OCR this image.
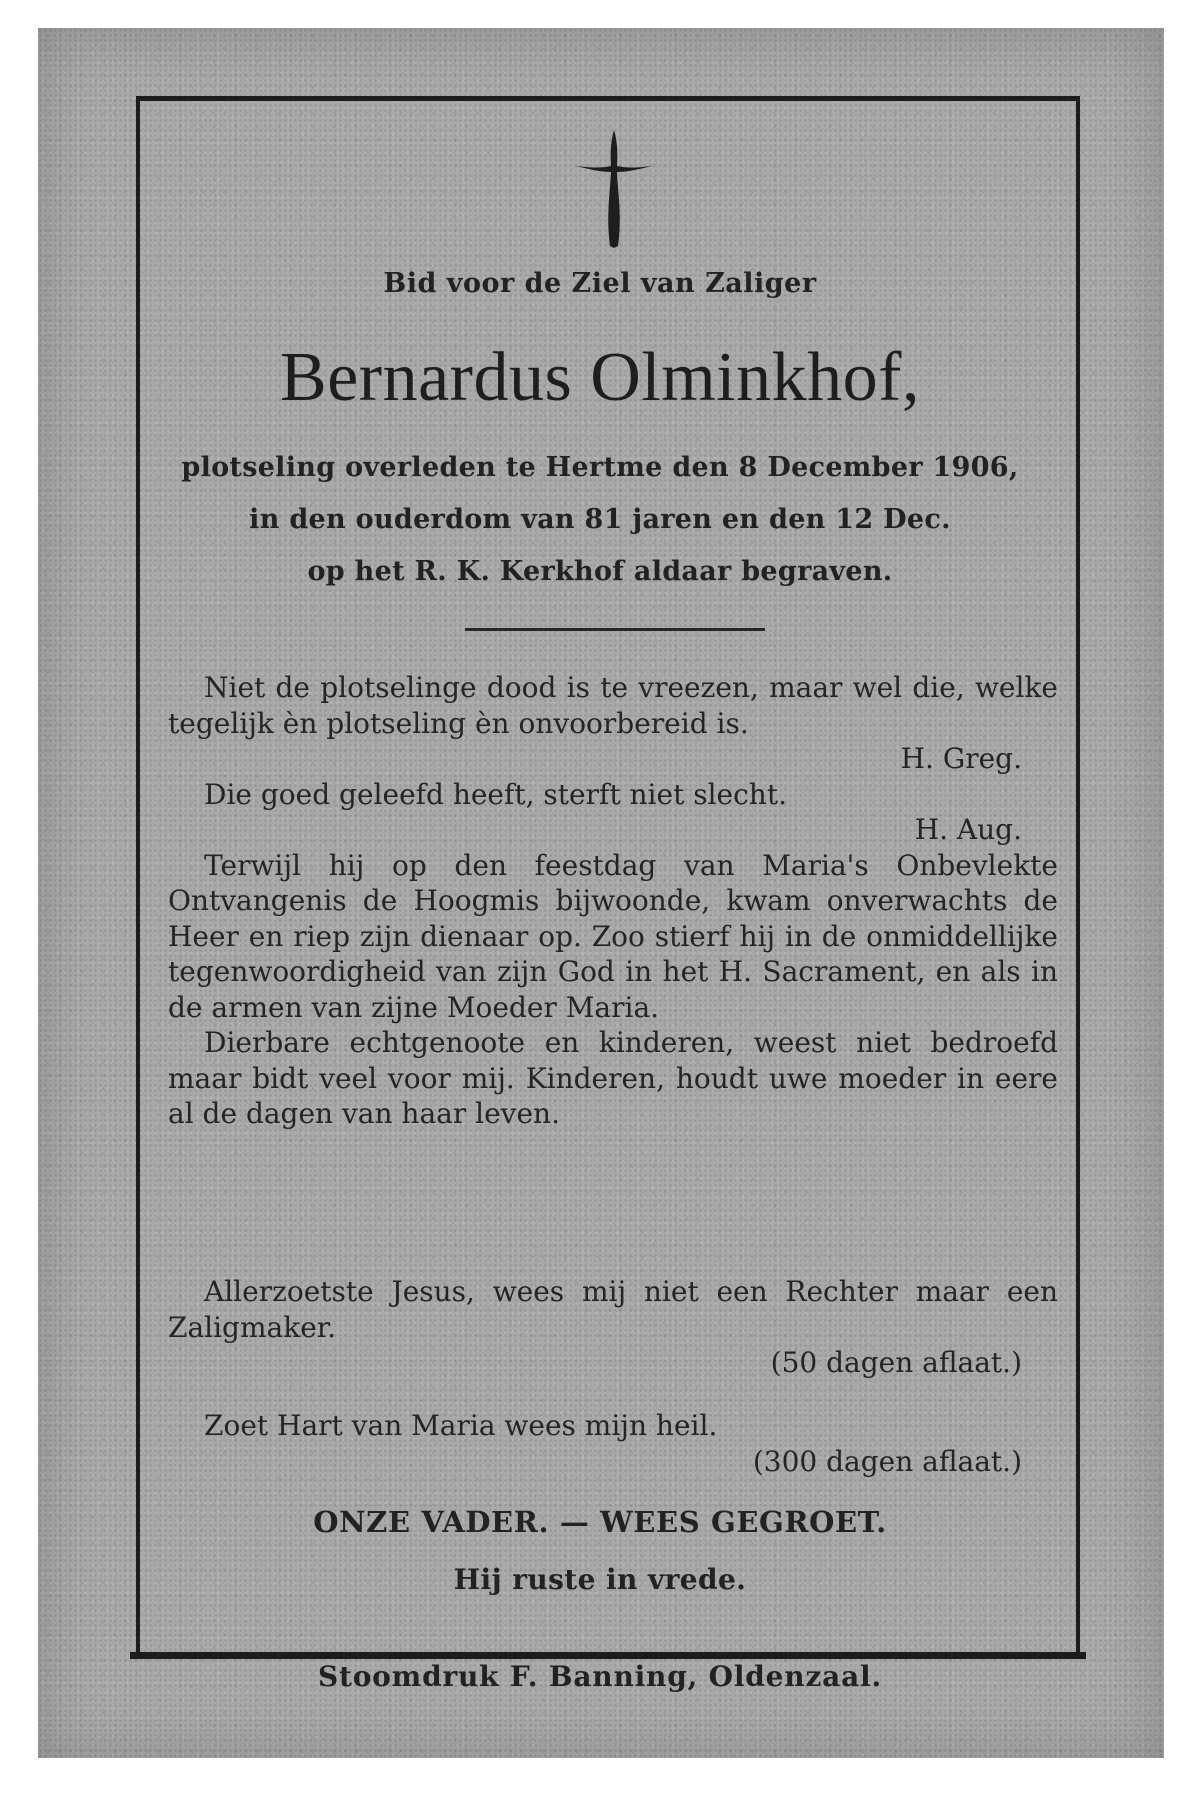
Bid voor de Ziel van Zaliger
Bernardus Olminkhof,
plotseling overleden te Hertme den 8 December 1906,
in den ouderdom van 81 jaren en den 12 Dec.
op het R. K. Kerkhof aldaar begraven.

Niet de plotselinge dood is te vreezen, maar wel die, welke tegelijk èn plotseling èn onvoorbereid is.

H. Greg.

Die goed geleefd heeft, sterft niet slecht.

H. Aug.

Terwijl hij op den feestdag van Maria's Onbevlekte Ontvangenis de Hoogmis bijwoonde, kwam onverwachts de Heer en riep zijn dienaar op. Zoo stierf hij in de onmiddellijke tegenwoordigheid van zijn God in het H. Sacrament, en als in de armen van zijne Moeder Maria.

Dierbare echtgenoote en kinderen, weest niet bedroefd maar bidt veel voor mij. Kinderen, houdt uwe moeder in eere al de dagen van haar leven.

Allerzoetste Jesus, wees mij niet een Rechter maar een Zaligmaker.

(50 dagen aflaat.)

Zoet Hart van Maria wees mijn heil.

(300 dagen aflaat.)

ONZE VADER. — WEES GEGROET.
Hij ruste in vrede.
Stoomdruk F. Banning, Oldenzaal.
